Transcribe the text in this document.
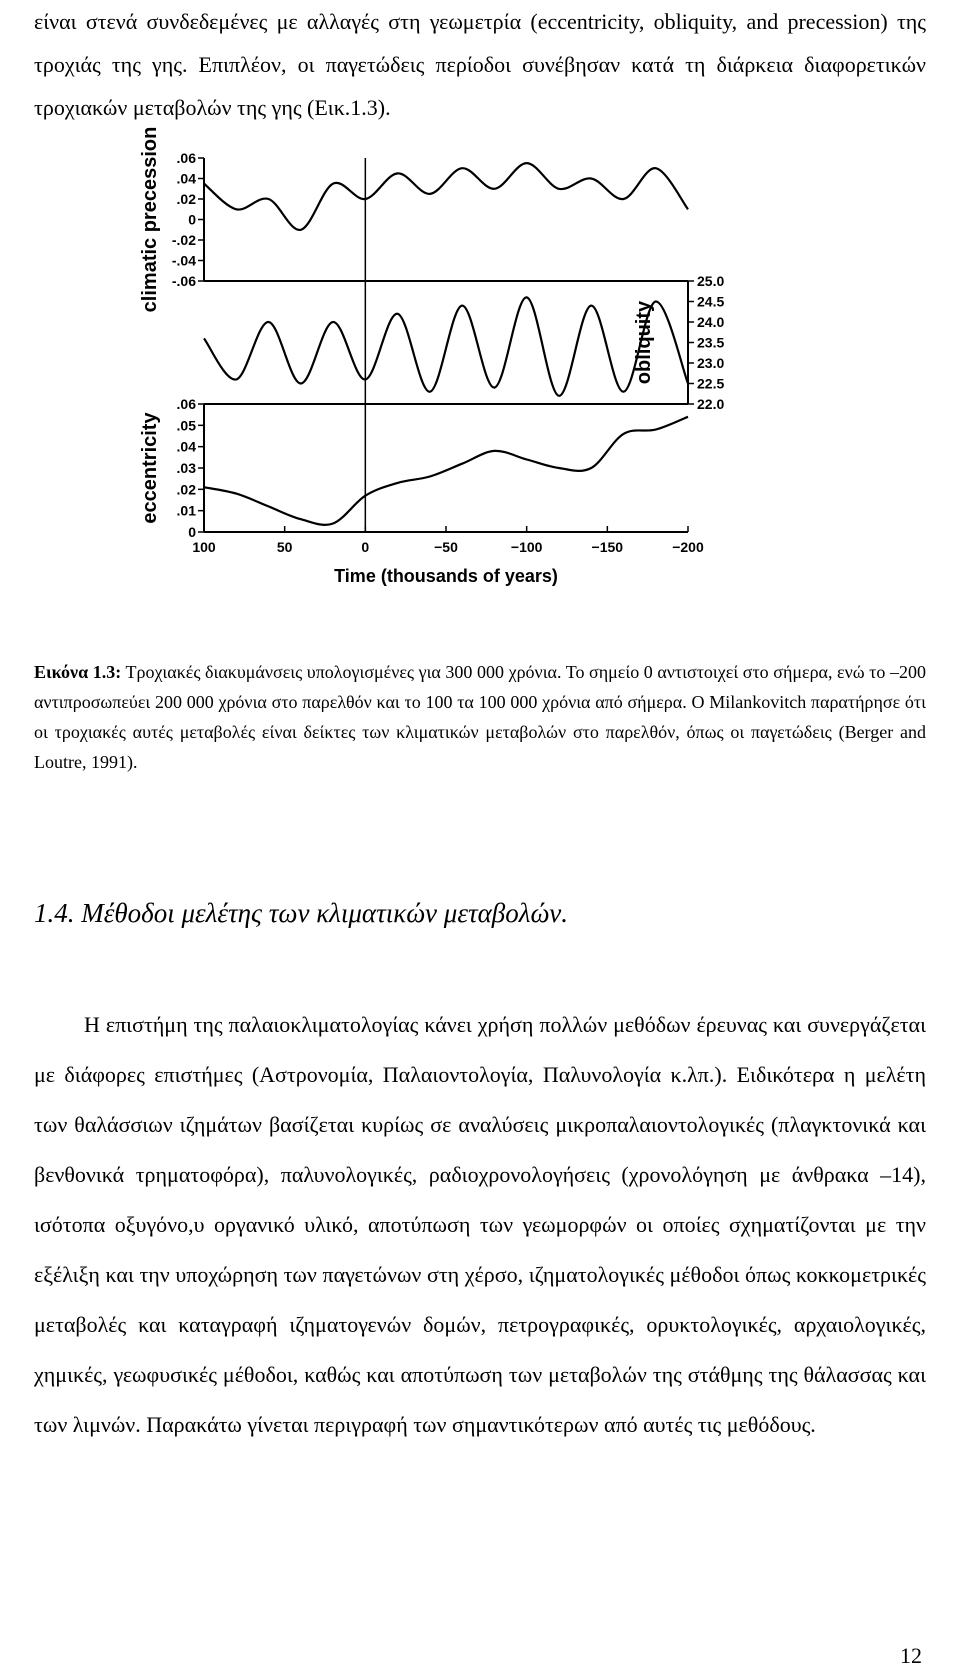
είναι στενά συνδεδεμένες με αλλαγές στη γεωμετρία (eccentricity, obliquity, and precession) της τροχιάς της γης. Επιπλέον, οι παγετώδεις περίοδοι συνέβησαν κατά τη διάρκεια διαφορετικών τροχιακών μεταβολών της γης (Εικ.1.3).

.06
.04
.02
0
-.02
-.04
-.06
climatic precession	25.0
24.5
24.0
23.5
23.0
22.5
22.0
obliquity
.06
.05
.04
.03
.02
.01
0
eccentricity
100	50	0	−50	−100	−150	−200
Time (thousands of years)

Εικόνα 1.3: Τροχιακές διακυμάνσεις υπολογισμένες για 300 000 χρόνια. Το σημείο 0 αντιστοιχεί στο σήμερα, ενώ το –200 αντιπροσωπεύει 200 000 χρόνια στο παρελθόν και το 100 τα 100 000 χρόνια από σήμερα. O Milankovitch παρατήρησε ότι οι τροχιακές αυτές μεταβολές είναι δείκτες των κλιματικών μεταβολών στο παρελθόν, όπως οι παγετώδεις (Berger and Loutre, 1991).

1.4. Μέθοδοι μελέτης των κλιματικών μεταβολών.

Η επιστήμη της παλαιοκλιματολογίας κάνει χρήση πολλών μεθόδων έρευνας και συνεργάζεται με διάφορες επιστήμες (Αστρονομία, Παλαιοντολογία, Παλυνολογία κ.λπ.). Ειδικότερα η μελέτη των θαλάσσιων ιζημάτων βασίζεται κυρίως σε αναλύσεις μικροπαλαιοντολογικές (πλαγκτονικά και βενθονικά τρηματοφόρα), παλυνολογικές, ραδιοχρονολογήσεις (χρονολόγηση με άνθρακα –14), ισότοπα οξυγόνο,υ οργανικό υλικό, αποτύπωση των γεωμορφών οι οποίες σχηματίζονται με την εξέλιξη και την υποχώρηση των παγετώνων στη χέρσο, ιζηματολογικές μέθοδοι όπως κοκκομετρικές μεταβολές και καταγραφή ιζηματογενών δομών, πετρογραφικές, ορυκτολογικές, αρχαιολογικές, χημικές, γεωφυσικές μέθοδοι, καθώς και αποτύπωση των μεταβολών της στάθμης της θάλασσας και των λιμνών. Παρακάτω γίνεται περιγραφή των σημαντικότερων από αυτές τις μεθόδους.

12
